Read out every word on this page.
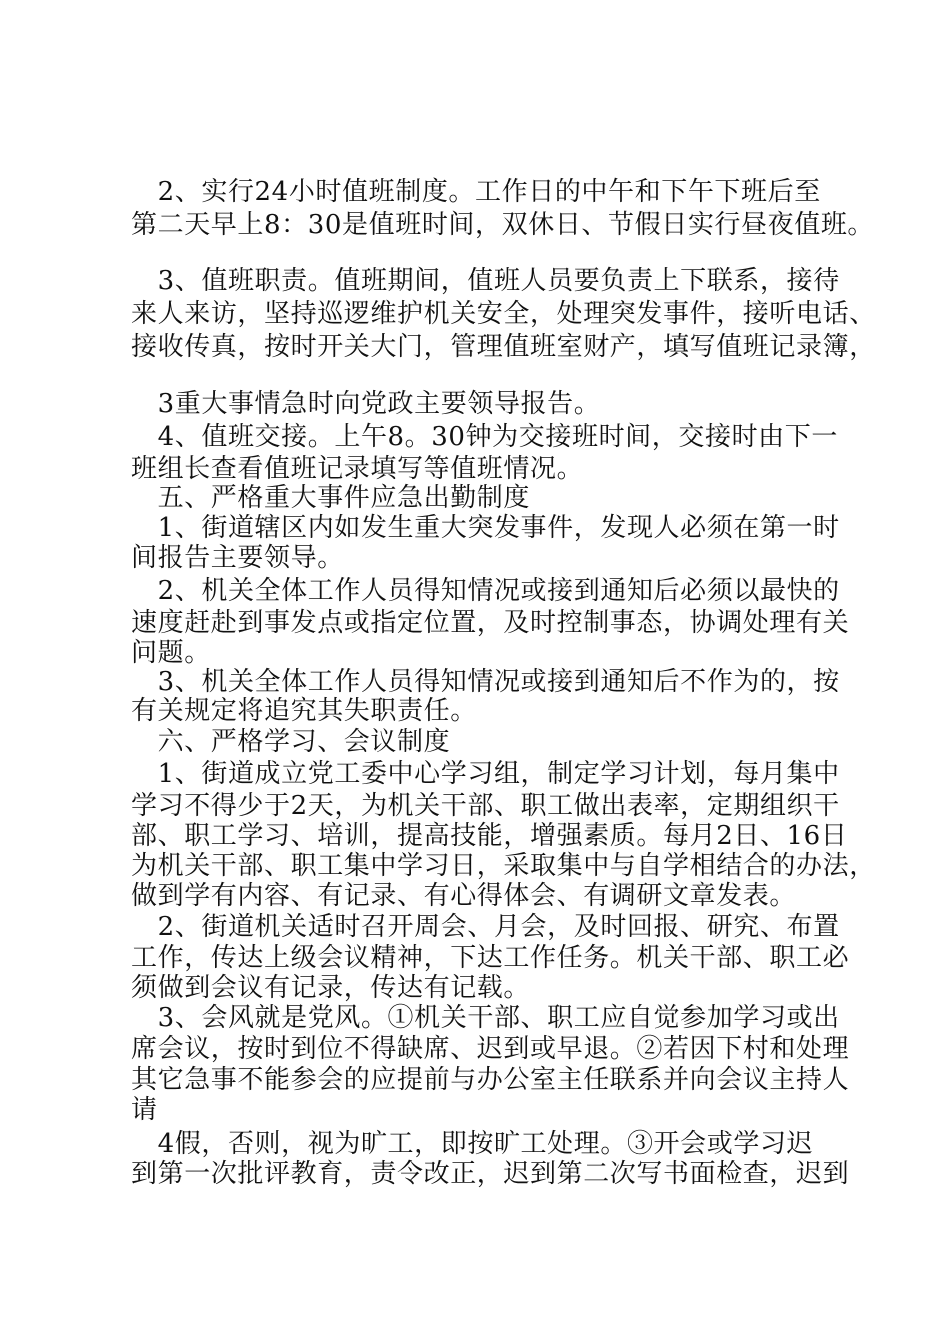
　2、实行24小时值班制度。工作日的中午和下午下班后至
第二天早上8：30是值班时间，双休日、节假日实行昼夜值班。
　3、值班职责。值班期间，值班人员要负责上下联系，接待
来人来访，坚持巡逻维护机关安全，处理突发事件，接听电话、
接收传真，按时开关大门，管理值班室财产，填写值班记录簿，
　3重大事情急时向党政主要领导报告。
　4、值班交接。上午8。30钟为交接班时间，交接时由下一
班组长查看值班记录填写等值班情况。
　五、严格重大事件应急出勤制度
　1、街道辖区内如发生重大突发事件，发现人必须在第一时
间报告主要领导。
　2、机关全体工作人员得知情况或接到通知后必须以最快的
速度赶赴到事发点或指定位置，及时控制事态，协调处理有关
问题。
　3、机关全体工作人员得知情况或接到通知后不作为的，按
有关规定将追究其失职责任。
　六、严格学习、会议制度
　1、街道成立党工委中心学习组，制定学习计划，每月集中
学习不得少于2天，为机关干部、职工做出表率，定期组织干
部、职工学习、培训，提高技能，增强素质。每月2日、16日
为机关干部、职工集中学习日，采取集中与自学相结合的办法，
做到学有内容、有记录、有心得体会、有调研文章发表。
　2、街道机关适时召开周会、月会，及时回报、研究、布置
工作，传达上级会议精神，下达工作任务。机关干部、职工必
须做到会议有记录，传达有记载。
　3、会风就是党风。①机关干部、职工应自觉参加学习或出
席会议，按时到位不得缺席、迟到或早退。②若因下村和处理
其它急事不能参会的应提前与办公室主任联系并向会议主持人
请
　4假，否则，视为旷工，即按旷工处理。③开会或学习迟
到第一次批评教育，责令改正，迟到第二次写书面检查，迟到
